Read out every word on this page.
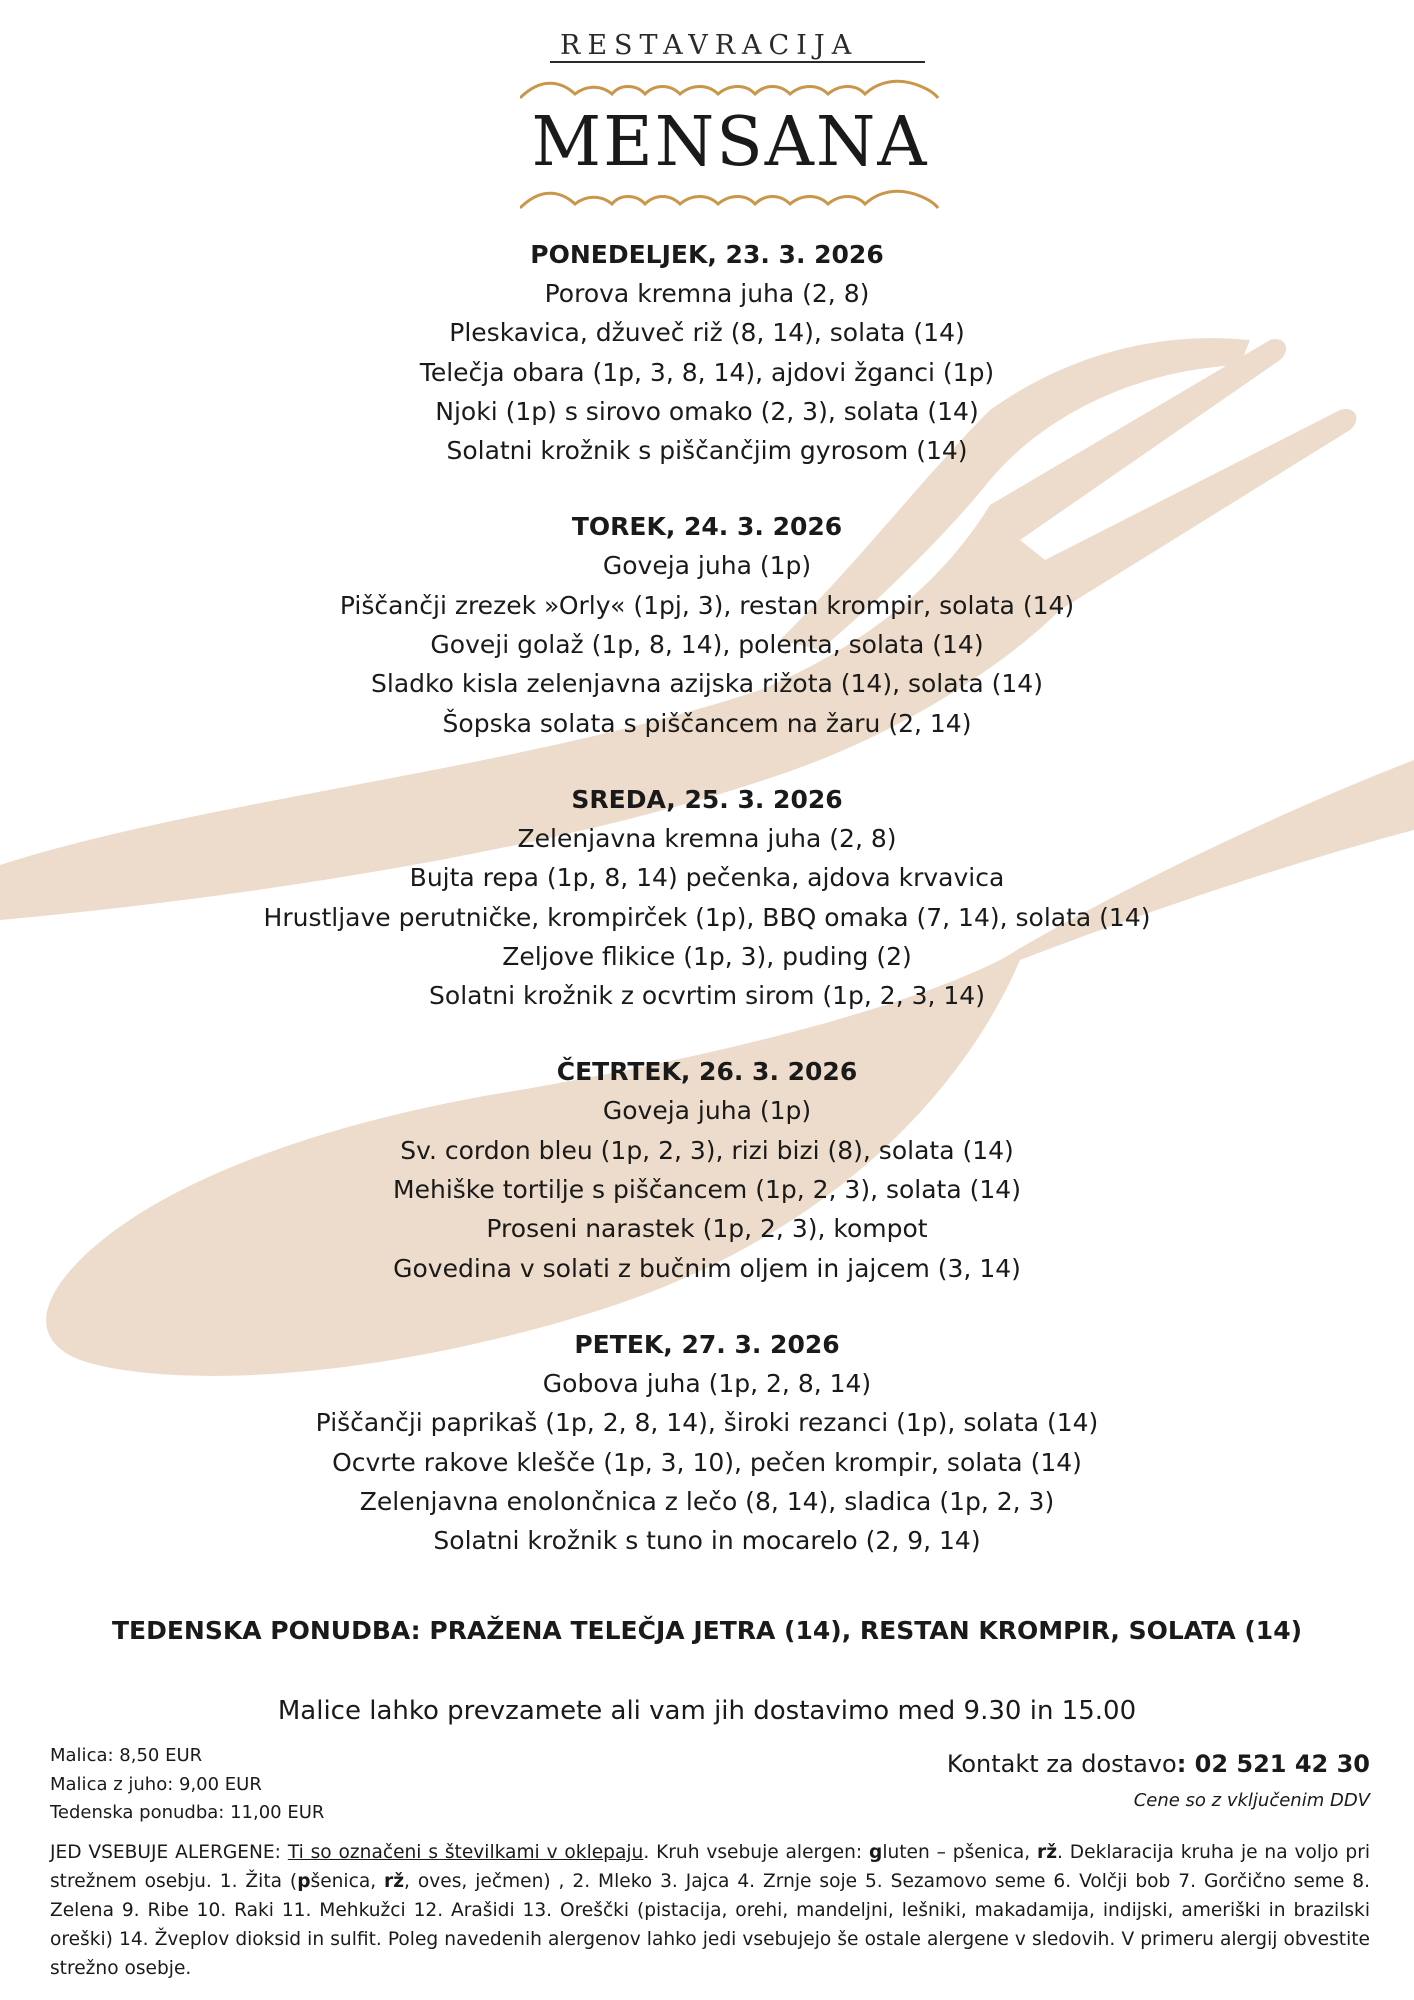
RESTAVRACIJA
MENSANA
PONEDELJEK, 23. 3. 2026
Porova kremna juha (2, 8)
Pleskavica, džuveč riž (8, 14), solata (14)
Telečja obara (1p, 3, 8, 14), ajdovi žganci (1p)
Njoki (1p) s sirovo omako (2, 3), solata (14)
Solatni krožnik s piščančjim gyrosom (14)
TOREK, 24. 3. 2026
Goveja juha (1p)
Piščančji zrezek »Orly« (1pj, 3), restan krompir, solata (14)
Goveji golaž (1p, 8, 14), polenta, solata (14)
Sladko kisla zelenjavna azijska rižota (14), solata (14)
Šopska solata s piščancem na žaru (2, 14)
SREDA, 25. 3. 2026
Zelenjavna kremna juha (2, 8)
Bujta repa (1p, 8, 14) pečenka, ajdova krvavica
Hrustljave perutničke, krompirček (1p), BBQ omaka (7, 14), solata (14)
Zeljove flikice (1p, 3), puding (2)
Solatni krožnik z ocvrtim sirom (1p, 2, 3, 14)
ČETRTEK, 26. 3. 2026
Goveja juha (1p)
Sv. cordon bleu (1p, 2, 3), rizi bizi (8), solata (14)
Mehiške tortilje s piščancem (1p, 2, 3), solata (14)
Proseni narastek (1p, 2, 3), kompot
Govedina v solati z bučnim oljem in jajcem (3, 14)
PETEK, 27. 3. 2026
Gobova juha (1p, 2, 8, 14)
Piščančji paprikaš (1p, 2, 8, 14), široki rezanci (1p), solata (14)
Ocvrte rakove klešče (1p, 3, 10), pečen krompir, solata (14)
Zelenjavna enolončnica z lečo (8, 14), sladica (1p, 2, 3)
Solatni krožnik s tuno in mocarelo (2, 9, 14)
TEDENSKA PONUDBA: PRAŽENA TELEČJA JETRA (14), RESTAN KROMPIR, SOLATA (14)
Malice lahko prevzamete ali vam jih dostavimo med 9.30 in 15.00
Malica: 8,50 EUR
Malica z juho: 9,00 EUR
Tedenska ponudba: 11,00 EUR
Kontakt za dostavo: 02 521 42 30
Cene so z vključenim DDV
JED VSEBUJE ALERGENE: Ti so označeni s številkami v oklepaju. Kruh vsebuje alergen: gluten – pšenica, rž. Deklaracija kruha je na voljo pri strežnem osebju. 1. Žita (pšenica, rž, oves, ječmen) , 2. Mleko 3. Jajca 4. Zrnje soje 5. Sezamovo seme 6. Volčji bob 7. Gorčično seme 8. Zelena 9. Ribe 10. Raki 11. Mehkužci 12. Arašidi 13. Oreščki (pistacija, orehi, mandeljni, lešniki, makadamija, indijski, ameriški in brazilski oreški) 14. Žveplov dioksid in sulfit. Poleg navedenih alergenov lahko jedi vsebujejo še ostale alergene v sledovih. V primeru alergij obvestite strežno osebje.
